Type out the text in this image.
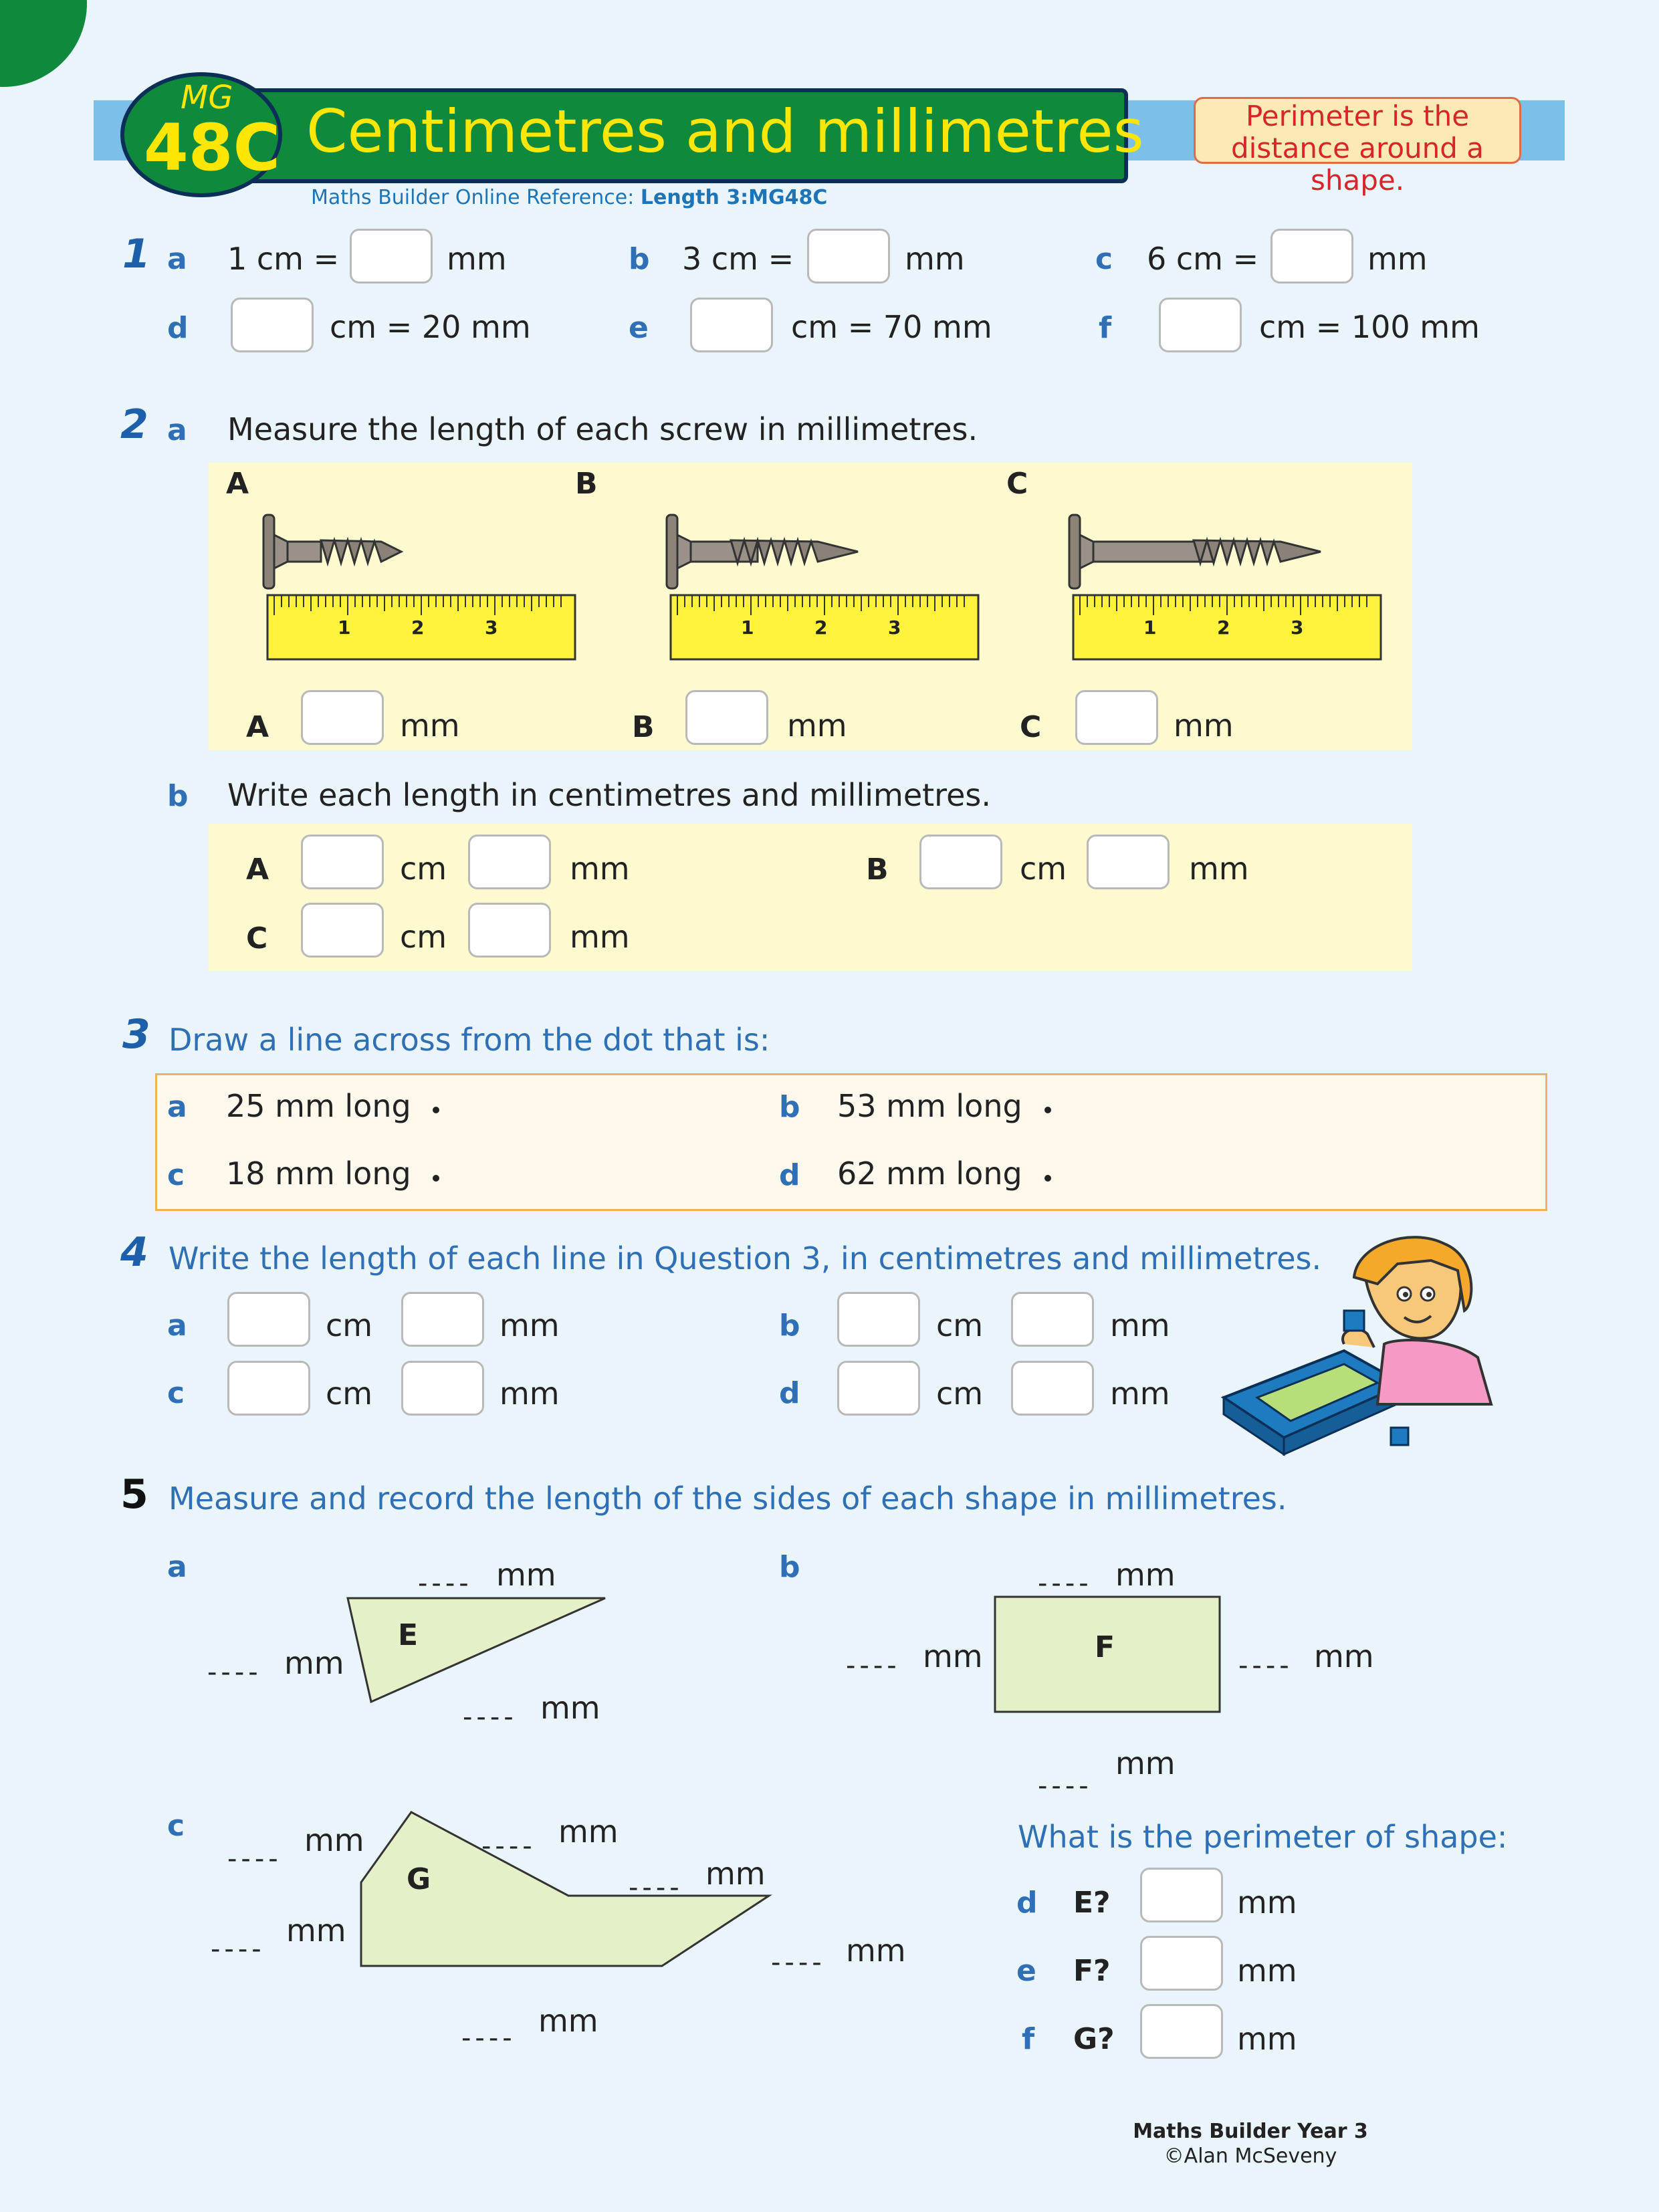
MG
48C Centimetres and millimetres	Perimeter is the distance around a shape.
Maths Builder Online Reference: Length 3:MG48C
1 a 1 cm =	mm	b 3 cm =	mm	c 6 cm =	mm
d	cm = 20 mm	e	cm = 70 mm	f	cm = 100 mm
2 a Measure the length of each screw in millimetres.
A	B	C
1	2	3	1	2	3	1	2	3
A	mm	B	mm	C	mm
b Write each length in centimetres and millimetres.
A	cm	mm	B	cm	mm
C	cm	mm
3 Draw a line across from the dot that is:
a 25 mm long	b 53 mm long
c 18 mm long	d 62 mm long
4 Write the length of each line in Question 3, in centimetres and millimetres.
a	cm	mm	b	cm	mm
c	cm	mm	d	cm	mm
5 Measure and record the length of the sides of each shape in millimetres.
a	b
c
E
---- mm
---- mm
---- mm
F
---- mm
---- mm	---- mm
----
mm
G
----
mm	---- mm
---- mm
----
mm
---- mm
---- mm
What is the perimeter of shape:
d E?	mm
e F?	mm
f G?	mm
Maths Builder Year 3
©Alan McSeveny
